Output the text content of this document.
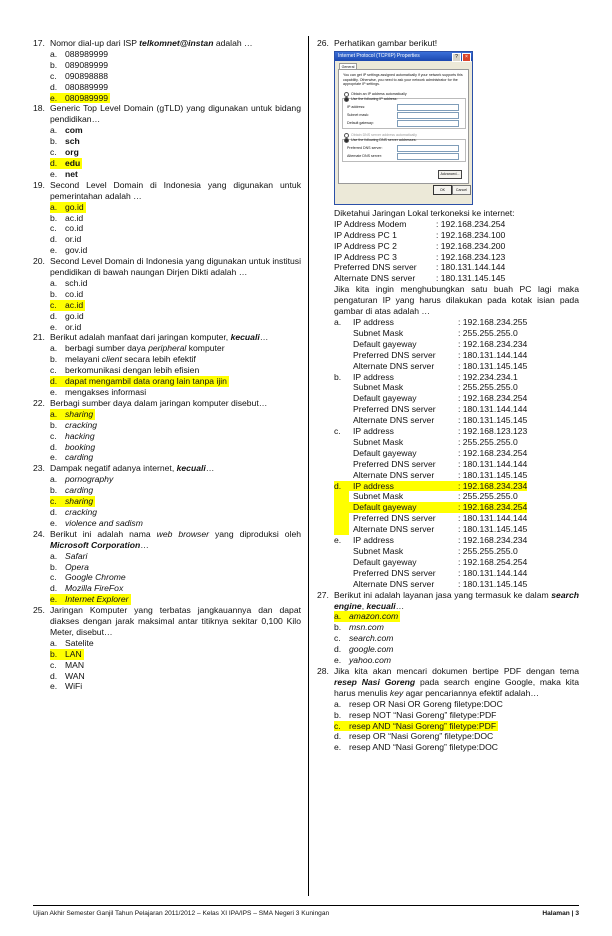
17. Nomor dial-up dari ISP telkomnet@instan adalah …
a. 088989999
b. 089089999
c. 090898888
d. 080889999
e. 080989999
18. Generic Top Level Domain (gTLD) yang digunakan untuk bidang pendidikan…
a. com
b. sch
c. org
d. edu
e. net
19. Second Level Domain di Indonesia yang digunakan untuk pemerintahan adalah …
a. go.id
b. ac.id
c. co.id
d. or.id
e. gov.id
20. Second Level Domain di Indonesia yang digunakan untuk institusi pendidikan di bawah naungan Dirjen Dikti adalah …
a. sch.id
b. co.id
c. ac.id
d. go.id
e. or.id
21. Berikut adalah manfaat dari jaringan komputer, kecuali…
a. berbagi sumber daya peripheral komputer
b. melayani client secara lebih efektif
c. berkomunikasi dengan lebih efisien
d. dapat mengambil data orang lain tanpa ijin
e. mengakses informasi
22. Berbagi sumber daya dalam jaringan komputer disebut…
a. sharing
b. cracking
c. hacking
d. booking
e. carding
23. Dampak negatif adanya internet, kecuali…
a. pornography
b. carding
c. sharing
d. cracking
e. violence and sadism
24. Berikut ini adalah nama web browser yang diproduksi oleh Microsoft Corporation…
a. Safari
b. Opera
c. Google Chrome
d. Mozilla FireFox
e. Internet Explorer
25. Jaringan Komputer yang terbatas jangkauannya dan dapat diakses dengan jarak maksimal antar titiknya sekitar 0,100 Kilo Meter, disebut…
a. Satelite
b. LAN
c. MAN
d. WAN
e. WiFi
26. Perhatikan gambar berikut!
Internet Protocol (TCP/IP) Properties	?	×
General
You can get IP settings assigned automatically if your network supports this capability. Otherwise, you need to ask your network administrator for the appropriate IP settings.
Obtain an IP address automatically
Use the following IP address:
IP address:
Subnet mask:
Default gateway:
Obtain DNS server address automatically
Use the following DNS server addresses:
Preferred DNS server:
Alternate DNS server:
Advanced...
OK	Cancel
Diketahui Jaringan Lokal terkoneksi ke internet:
IP Address Modem	: 192.168.234.254
IP Address PC 1	: 192.168.234.100
IP Address PC 2	: 192.168.234.200
IP Address PC 3	: 192.168.234.123
Preferred DNS server	: 180.131.144.144
Alternate DNS server	: 180.131.145.145
Jika kita ingin menghubungkan satu buah PC lagi maka pengaturan IP yang harus dilakukan pada kotak isian pada gambar di atas adalah …
a.	IP address	: 192.168.234.255
Subnet Mask	: 255.255.255.0
Default gayeway	: 192.168.234.234
Preferred DNS server	: 180.131.144.144
Alternate DNS server	: 180.131.145.145
b.	IP address	: 192.234.234.1
Subnet Mask	: 255.255.255.0
Default gayeway	: 192.168.234.254
Preferred DNS server	: 180.131.144.144
Alternate DNS server	: 180.131.145.145
c.	IP address	: 192.168.123.123
Subnet Mask	: 255.255.255.0
Default gayeway	: 192.168.234.254
Preferred DNS server	: 180.131.144.144
Alternate DNS server	: 180.131.145.145
d.	IP address	: 192.168.234.234
Subnet Mask	: 255.255.255.0
Default gayeway	: 192.168.234.254
Preferred DNS server	: 180.131.144.144
Alternate DNS server	: 180.131.145.145
e.	IP address	: 192.168.234.234
Subnet Mask	: 255.255.255.0
Default gayeway	: 192.168.254.254
Preferred DNS server	: 180.131.144.144
Alternate DNS server	: 180.131.145.145
27. Berikut ini adalah layanan jasa yang termasuk ke dalam search engine, kecuali…
a. amazon.com
b. msn.com
c. search.com
d. google.com
e. yahoo.com
28. Jika kita akan mencari dokumen bertipe PDF dengan tema resep Nasi Goreng pada search engine Google, maka kita harus menulis key agar pencariannya efektif adalah…
a. resep OR Nasi OR Goreng filetype:DOC
b. resep NOT “Nasi Goreng” filetype:PDF
c. resep AND “Nasi Goreng” filetype:PDF
d. resep OR “Nasi Goreng” filetype:DOC
e. resep AND “Nasi Goreng” filetype:DOC
Ujian Akhir Semester Ganjil Tahun Pelajaran 2011/2012 – Kelas XI IPA/IPS – SMA Negeri 3 Kuningan	Halaman | 3
